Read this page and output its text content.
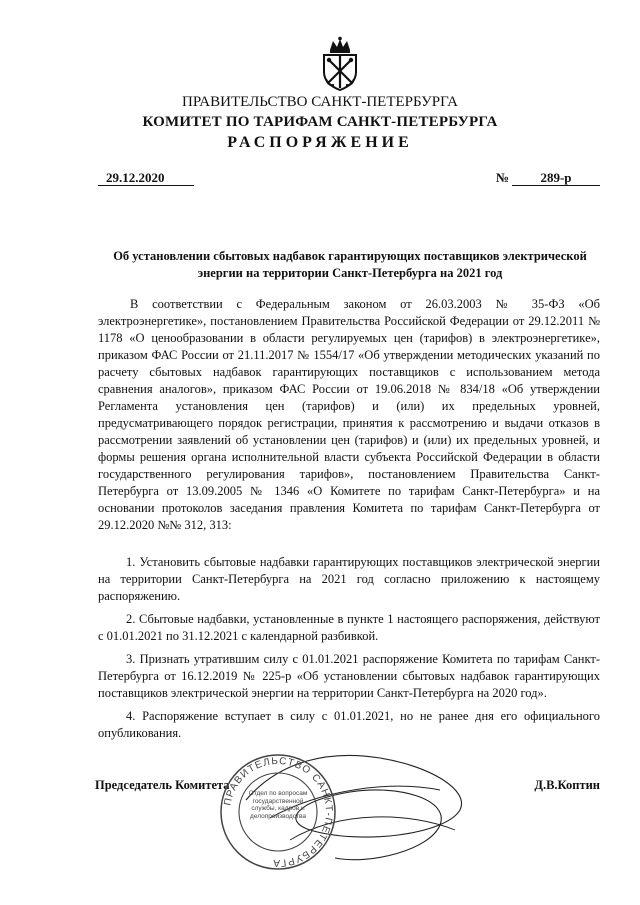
ПРАВИТЕЛЬСТВО САНКТ-ПЕТЕРБУРГА
КОМИТЕТ ПО ТАРИФАМ САНКТ-ПЕТЕРБУРГА
РАСПОРЯЖЕНИЕ
29.12.2020	№	289-р
Об установлении сбытовых надбавок гарантирующих поставщиков электрической энергии на территории Санкт-Петербурга на 2021 год

В соответствии с Федеральным законом от 26.03.2003 № 35-ФЗ «Об электроэнергетике», постановлением Правительства Российской Федерации от 29.12.2011 № 1178 «О ценообразовании в области регулируемых цен (тарифов) в электроэнергетике», приказом ФАС России от 21.11.2017 № 1554/17 «Об утверждении методических указаний по расчету сбытовых надбавок гарантирующих поставщиков с использованием метода сравнения аналогов», приказом ФАС России от 19.06.2018 № 834/18 «Об утверждении Регламента установления цен (тарифов) и (или) их предельных уровней, предусматривающего порядок регистрации, принятия к рассмотрению и выдачи отказов в рассмотрении заявлений об установлении цен (тарифов) и (или) их предельных уровней, и формы решения органа исполнительной власти субъекта Российской Федерации в области государственного регулирования тарифов», постановлением Правительства Санкт-Петербурга от 13.09.2005 № 1346 «О Комитете по тарифам Санкт-Петербурга» и на основании протоколов заседания правления Комитета по тарифам Санкт-Петербурга от 29.12.2020 №№ 312, 313:

1. Установить сбытовые надбавки гарантирующих поставщиков электрической энергии на территории Санкт-Петербурга на 2021 год согласно приложению к настоящему распоряжению.

2. Сбытовые надбавки, установленные в пункте 1 настоящего распоряжения, действуют с 01.01.2021 по 31.12.2021 с календарной разбивкой.

3. Признать утратившим силу с 01.01.2021 распоряжение Комитета по тарифам Санкт-Петербурга от 16.12.2019 № 225-р «Об установлении сбытовых надбавок гарантирующих поставщиков электрической энергии на территории Санкт-Петербурга на 2020 год».

4. Распоряжение вступает в силу с 01.01.2021, но не ранее дня его официального опубликования.

Председатель Комитета	Д.В.Коптин
ПРАВИТЕЛЬСТВО САНКТ-ПЕТЕРБУРГА
Отдел по вопросам государственной службы, кадров и делопроизводства
